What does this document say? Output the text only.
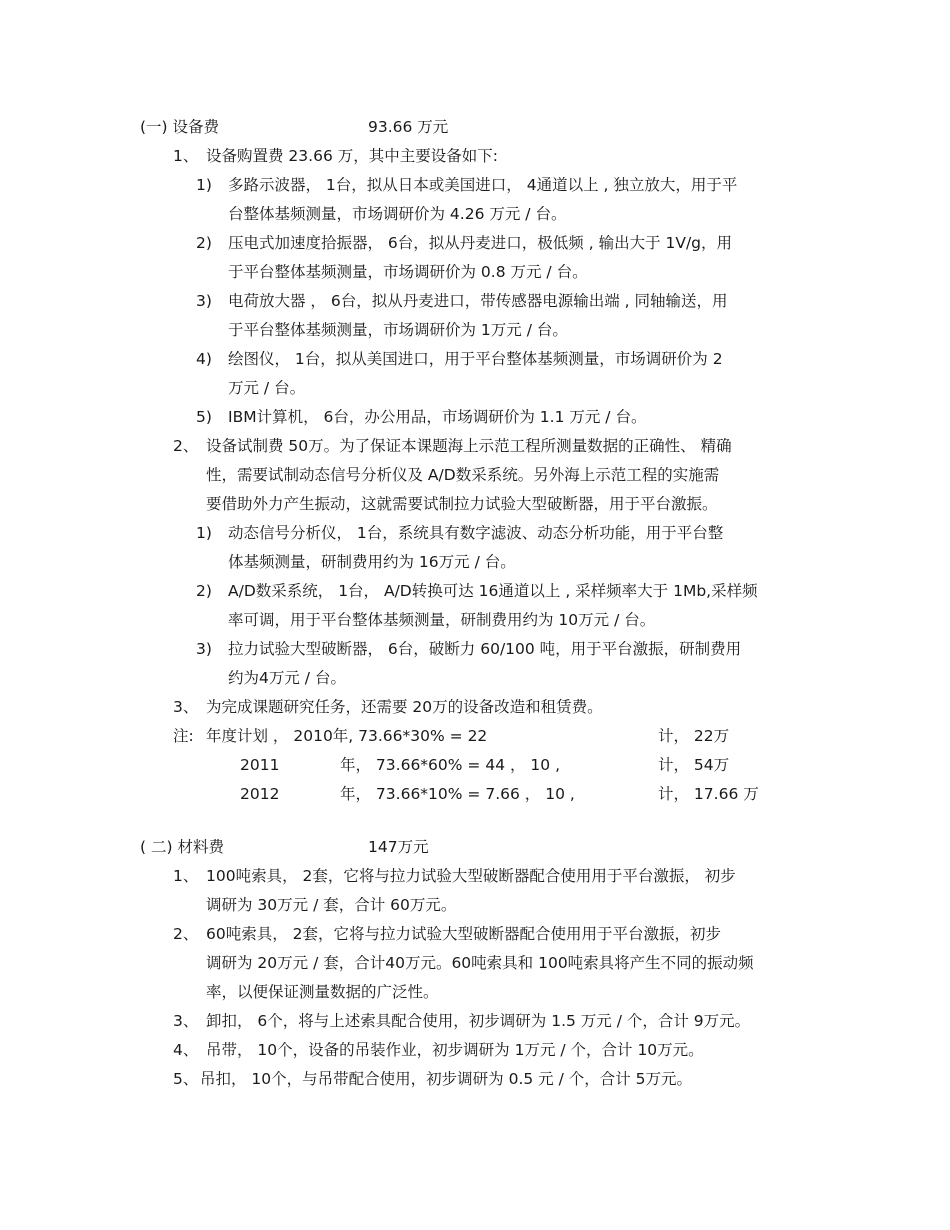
(一) 设备费	93.66 万元
1、 设备购置费 23.66 万，其中主要设备如下:
1) 多路示波器， 1台，拟从日本或美国进口， 4通道以上 , 独立放大，用于平
台整体基频测量，市场调研价为 4.26 万元 / 台。
2) 压电式加速度拾振器， 6台，拟从丹麦进口，极低频 , 输出大于 1V/g，用
于平台整体基频测量，市场调研价为 0.8 万元 / 台。
3) 电荷放大器 ， 6台，拟从丹麦进口，带传感器电源输出端 , 同轴输送，用
于平台整体基频测量，市场调研价为 1万元 / 台。
4) 绘图仪， 1台，拟从美国进口，用于平台整体基频测量，市场调研价为 2
万元 / 台。
5) IBM计算机， 6台，办公用品，市场调研价为 1.1 万元 / 台。
2、 设备试制费 50万。为了保证本课题海上示范工程所测量数据的正确性、 精确
性，需要试制动态信号分析仪及 A/D数采系统。另外海上示范工程的实施需
要借助外力产生振动，这就需要试制拉力试验大型破断器，用于平台激振。
1) 动态信号分析仪， 1台，系统具有数字滤波、动态分析功能，用于平台整
体基频测量，研制费用约为 16万元 / 台。
2) A/D数采系统， 1台， A/D转换可达 16通道以上 , 采样频率大于 1Mb,采样频
率可调，用于平台整体基频测量，研制费用约为 10万元 / 台。
3) 拉力试验大型破断器， 6台，破断力 60/100 吨，用于平台激振，研制费用
约为4万元 / 台。
3、 为完成课题研究任务，还需要 20万的设备改造和租赁费。
注: 年度计划 ， 2010年, 73.66*30% = 22	计， 22万
2011	年， 73.66*60% = 44 ， 10 ,	计， 54万
2012	年， 73.66*10% = 7.66 ， 10 ,	计， 17.66 万
( 二) 材料费	147万元
1、 100吨索具， 2套，它将与拉力试验大型破断器配合使用用于平台激振， 初步
调研为 30万元 / 套，合计 60万元。
2、 60吨索具， 2套，它将与拉力试验大型破断器配合使用用于平台激振，初步
调研为 20万元 / 套，合计40万元。60吨索具和 100吨索具将产生不同的振动频
率，以便保证测量数据的广泛性。
3、 卸扣， 6个，将与上述索具配合使用，初步调研为 1.5 万元 / 个，合计 9万元。
4、 吊带， 10个，设备的吊装作业，初步调研为 1万元 / 个，合计 10万元。
5、 吊扣， 10个，与吊带配合使用，初步调研为 0.5 元 / 个，合计 5万元。
